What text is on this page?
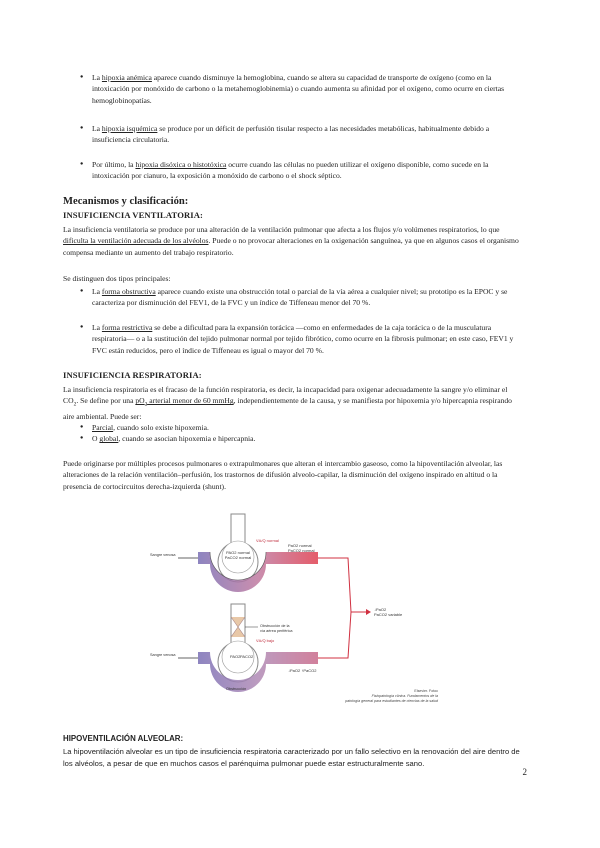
● La hipoxia anémica aparece cuando disminuye la hemoglobina, cuando se altera su capacidad de transporte de oxígeno (como en la intoxicación por monóxido de carbono o la metahemoglobinemia) o cuando aumenta su afinidad por el oxígeno, como ocurre en ciertas hemoglobinopatías.
● La hipoxia isquémica se produce por un déficit de perfusión tisular respecto a las necesidades metabólicas, habitualmente debido a insuficiencia circulatoria.
● Por último, la hipoxia disóxica o histotóxica ocurre cuando las células no pueden utilizar el oxígeno disponible, como sucede en la intoxicación por cianuro, la exposición a monóxido de carbono o el shock séptico.
Mecanismos y clasificación:
INSUFICIENCIA VENTILATORIA:

La insuficiencia ventilatoria se produce por una alteración de la ventilación pulmonar que afecta a los flujos y/o volúmenes respiratorios, lo que dificulta la ventilación adecuada de los alvéolos. Puede o no provocar alteraciones en la oxigenación sanguínea, ya que en algunos casos el organismo compensa mediante un aumento del trabajo respiratorio.

Se distinguen dos tipos principales:

● La forma obstructiva aparece cuando existe una obstrucción total o parcial de la vía aérea a cualquier nivel; su prototipo es la EPOC y se caracteriza por disminución del FEV1, de la FVC y un índice de Tiffeneau menor del 70 %.
● La forma restrictiva se debe a dificultad para la expansión torácica —como en enfermedades de la caja torácica o de la musculatura respiratoria— o a la sustitución del tejido pulmonar normal por tejido fibrótico, como ocurre en la fibrosis pulmonar; en este caso, FEV1 y FVC están reducidos, pero el índice de Tiffeneau es igual o mayor del 70 %.
INSUFICIENCIA RESPIRATORIA:

La insuficiencia respiratoria es el fracaso de la función respiratoria, es decir, la incapacidad para oxigenar adecuadamente la sangre y/o eliminar el $CO_2$. Se define por una $pO_2$ arterial menor de 60 mmHg, independientemente de la causa, y se manifiesta por hipoxemia y/o hipercapnia respirando aire ambiental. Puede ser:

● Parcial, cuando solo existe hipoxemia.
● O global, cuando se asocian hipoxemia e hipercapnia.

Puede originarse por múltiples procesos pulmonares o extrapulmonares que alteran el intercambio gaseoso, como la hipoventilación alveolar, las alteraciones de la relación ventilación–perfusión, los trastornos de difusión alveolo-capilar, la disminución del oxígeno inspirado en altitud o la presencia de cortocircuitos derecha-izquierda (shunt).

PAO2 normal
PaCO2 normal
V̇A/Q̇ normal
PaO2 normal
PaCO2 normal
Sangre venosa
Obstrucción de la
vía aérea periférica
PAO2 PACO2
V̇A/Q̇ bajo
↓PaO2 ↑PaCO2
↓PaO2
PaCO2 variable
Sangre venosa
Obstrucción	Elsevier. Fotoc
Fisiopatología clínica. Fundamentos de la
patología general para estudiantes de ciencias de la salud
HIPOVENTILACIÓN ALVEOLAR:

La hipoventilación alveolar es un tipo de insuficiencia respiratoria caracterizado por un fallo selectivo en la renovación del aire dentro de los alvéolos, a pesar de que en muchos casos el parénquima pulmonar puede estar estructuralmente sano.

2
